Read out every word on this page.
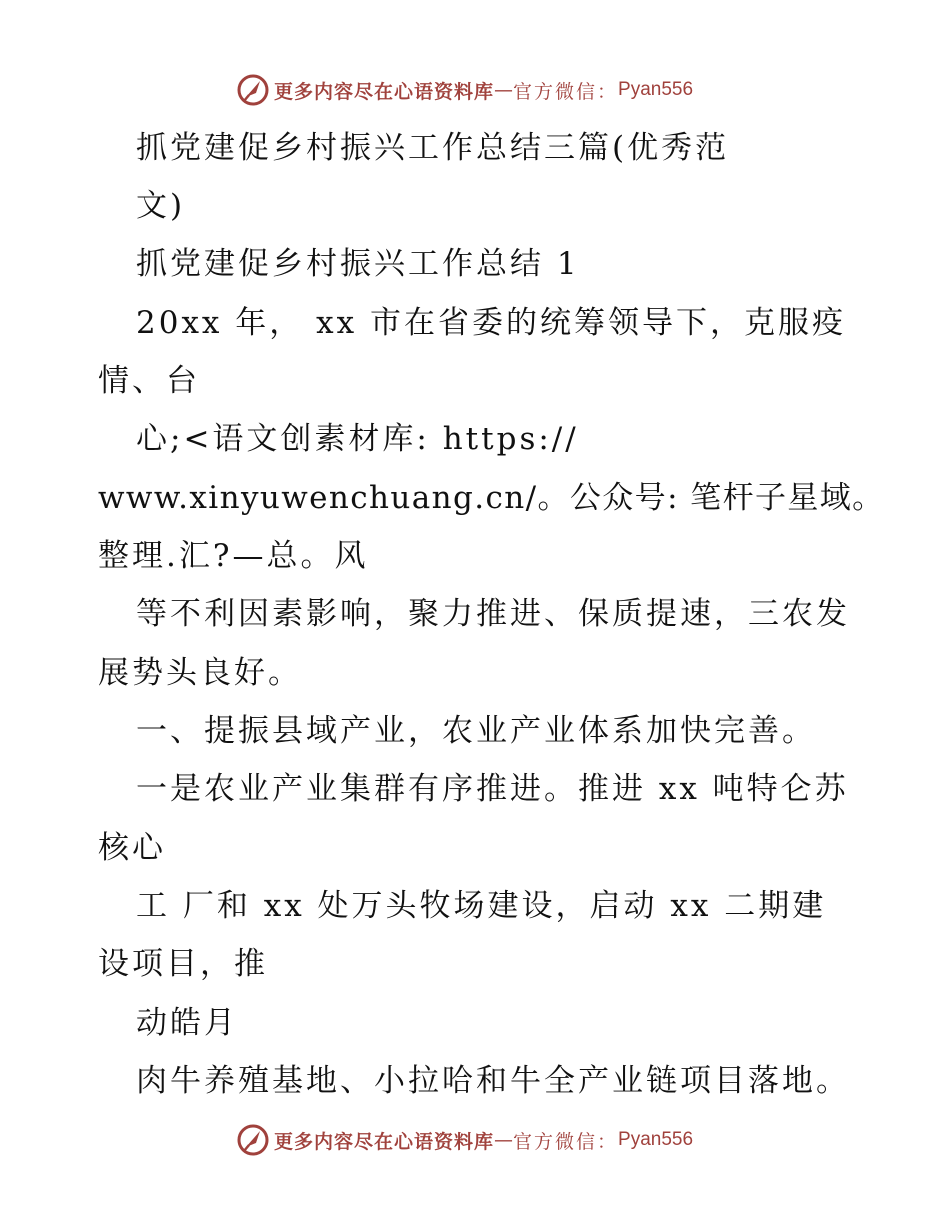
更多内容尽在心语资料库 — 官方微信： Pyan556
抓党建促乡村振兴工作总结三篇(优秀范
文)
抓党建促乡村振兴工作总结 1
20xx 年， xx 市在省委的统筹领导下，克服疫
情、台
心;<语文创素材库: https://
www.xinyuwenchuang.cn/。公众号: 笔杆子星域。
整理.汇?—总。风
等不利因素影响，聚力推进、保质提速，三农发
展势头良好。
一、提振县域产业，农业产业体系加快完善。
一是农业产业集群有序推进。推进 xx 吨特仑苏
核心
工 厂和 xx 处万头牧场建设，启动 xx 二期建
设项目，推
动皓月
肉牛养殖基地、小拉哈和牛全产业链项目落地。
更多内容尽在心语资料库 — 官方微信： Pyan556
